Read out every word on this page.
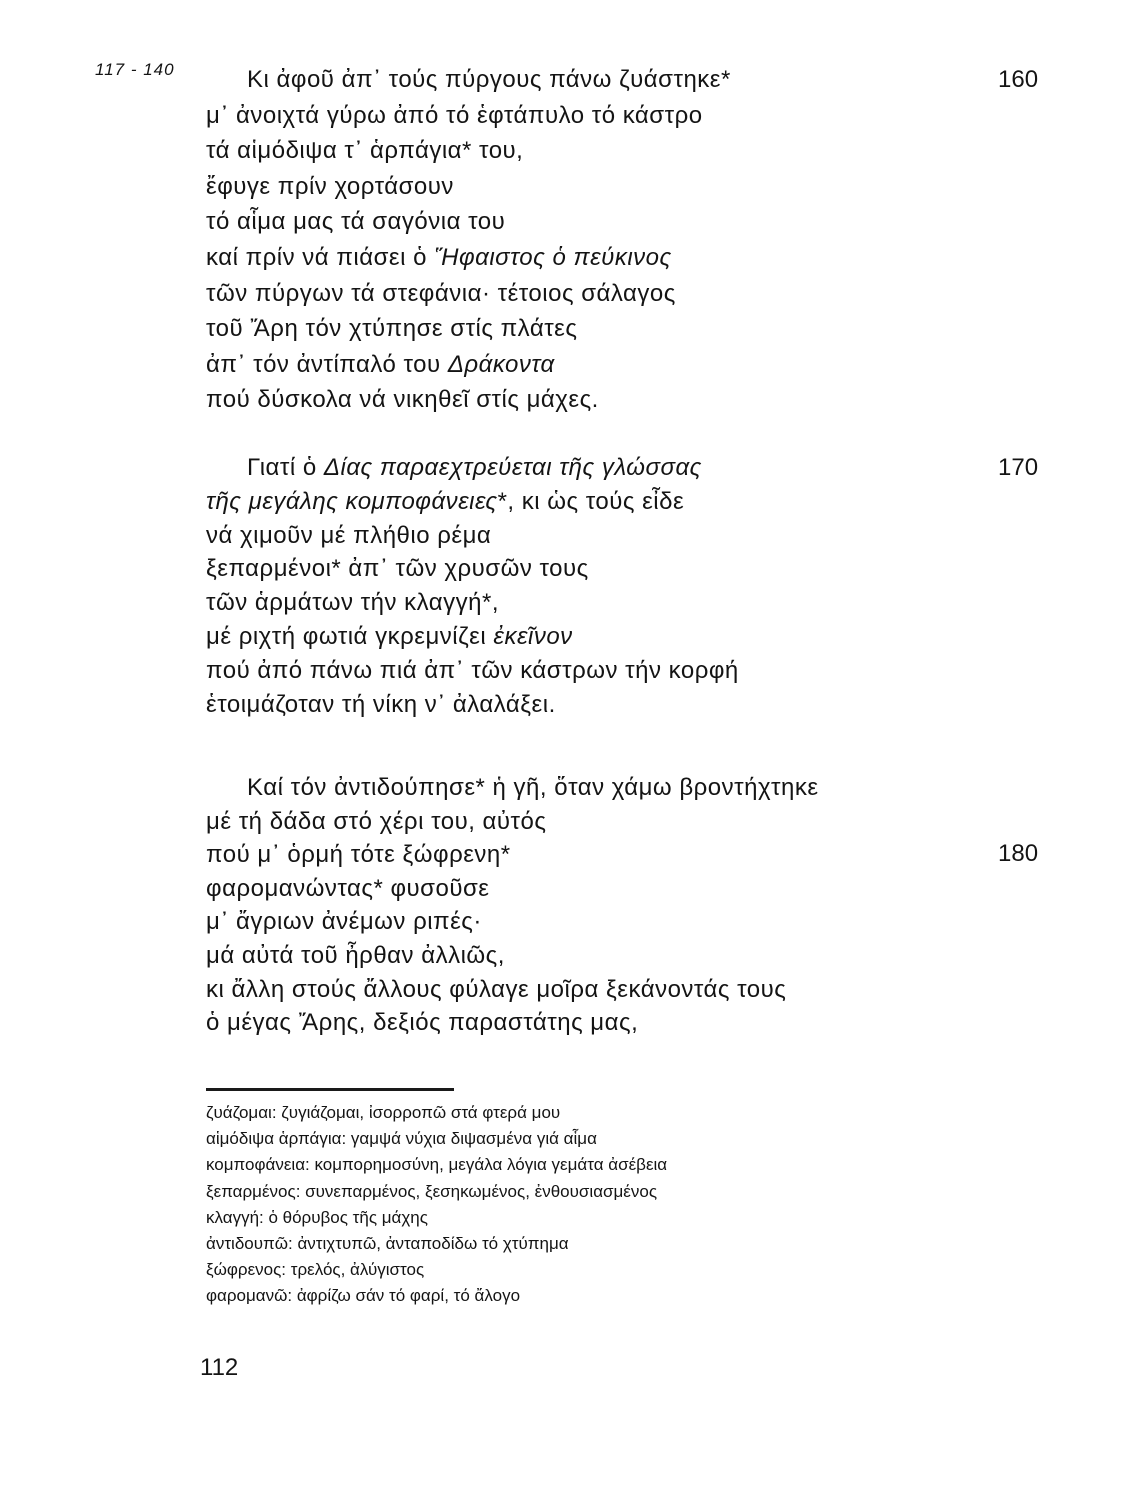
117 - 140	Κι ἀφοῦ ἀπ᾽ τούς πύργους πάνω ζυάστηκε*
μ᾽ ἀνοιχτά γύρω ἀπό τό ἑφτάπυλο τό κάστρο
τά αἱμόδιψα τ᾽ ἁρπάγια* του,
ἔφυγε πρίν χορτάσουν
τό αἷμα μας τά σαγόνια του
καί πρίν νά πιάσει ὁ Ἥφαιστος ὁ πεύκινος
τῶν πύργων τά στεφάνια· τέτοιος σάλαγος
τοῦ Ἄρη τόν χτύπησε στίς πλάτες
ἀπ᾽ τόν ἀντίπαλό του Δράκοντα
πού δύσκολα νά νικηθεῖ στίς μάχες.
Γιατί ὁ Δίας παραεχτρεύεται τῆς γλώσσας
τῆς μεγάλης κομποφάνειες*, κι ὡς τούς εἶδε
νά χιμοῦν μέ πλήθιο ρέμα
ξεπαρμένοι* ἀπ᾽ τῶν χρυσῶν τους
τῶν ἁρμάτων τήν κλαγγή*,
μέ ριχτή φωτιά γκρεμνίζει ἐκεῖνον
πού ἀπό πάνω πιά ἀπ᾽ τῶν κάστρων τήν κορφή
ἑτοιμάζοταν τή νίκη ν᾽ ἀλαλάξει.
Καί τόν ἀντιδούπησε* ἡ γῆ, ὅταν χάμω βροντήχτηκε
μέ τή δάδα στό χέρι του, αὐτός
πού μ᾽ ὁρμή τότε ξώφρενη*
φαρομανώντας* φυσοῦσε
μ᾽ ἄγριων ἀνέμων ριπές·
μά αὐτά τοῦ ἦρθαν ἀλλιῶς,
κι ἄλλη στούς ἄλλους φύλαγε μοῖρα ξεκάνοντάς τους
ὁ μέγας Ἄρης, δεξιός παραστάτης μας,
160
170
180
ζυάζομαι: ζυγιάζομαι, ἰσορροπῶ στά φτερά μου
αἱμόδιψα ἁρπάγια: γαμψά νύχια διψασμένα γιά αἷμα
κομποφάνεια: κομπορημοσύνη, μεγάλα λόγια γεμάτα ἀσέβεια
ξεπαρμένος: συνεπαρμένος, ξεσηκωμένος, ἐνθουσιασμένος
κλαγγή: ὁ θόρυβος τῆς μάχης
ἀντιδουπῶ: ἀντιχτυπῶ, ἀνταποδίδω τό χτύπημα
ξώφρενος: τρελός, ἀλύγιστος
φαρομανῶ: ἀφρίζω σάν τό φαρί, τό ἄλογο
112
